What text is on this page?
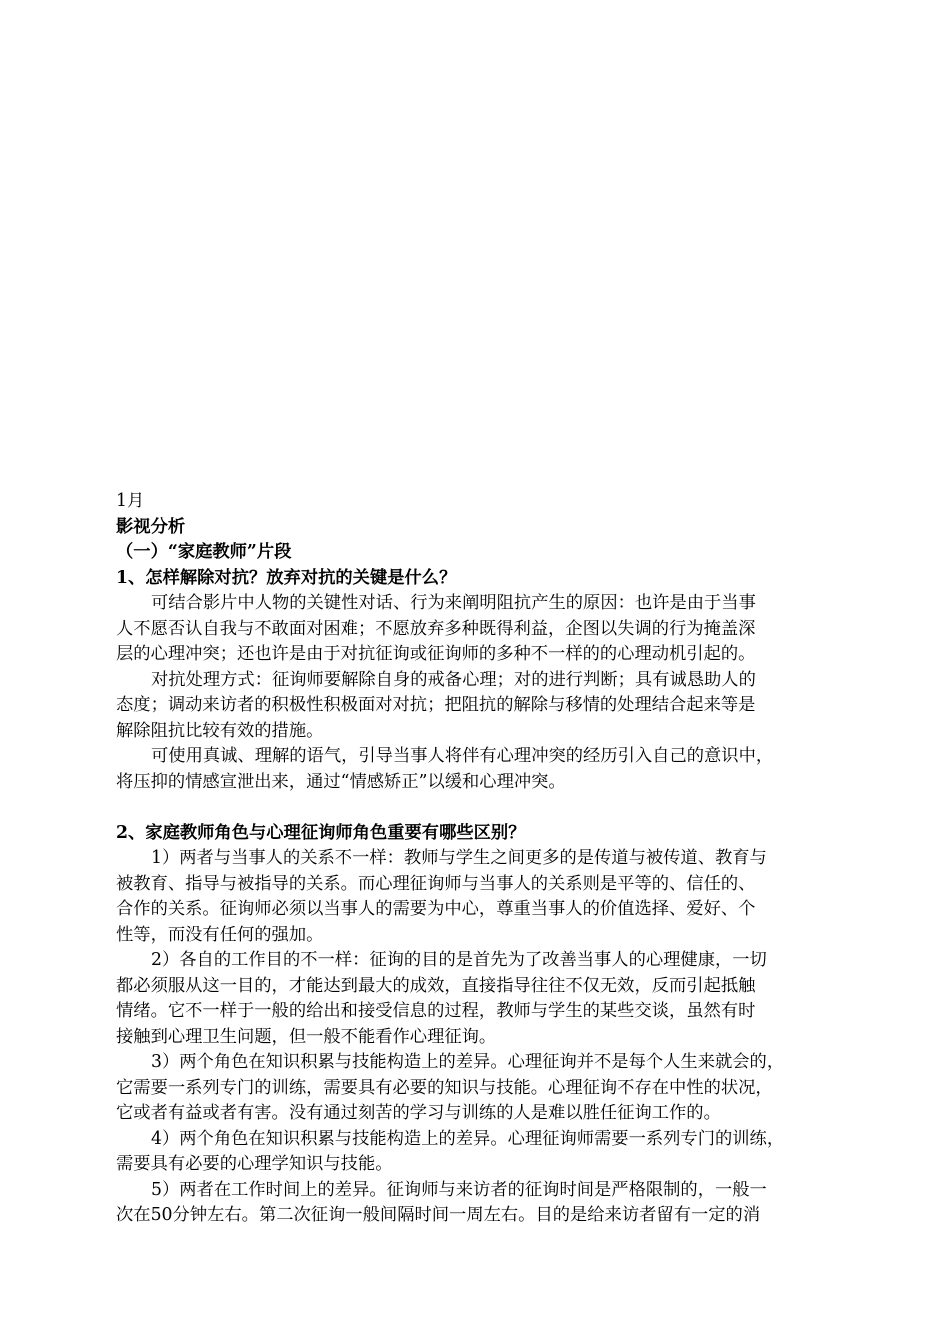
1月
影视分析
（一）“家庭教师”片段
1、怎样解除对抗？放弃对抗的关键是什么？
可结合影片中人物的关键性对话、行为来阐明阻抗产生的原因：也许是由于当事
人不愿否认自我与不敢面对困难；不愿放弃多种既得利益，企图以失调的行为掩盖深
层的心理冲突；还也许是由于对抗征询或征询师的多种不一样的的心理动机引起的。
对抗处理方式：征询师要解除自身的戒备心理；对的进行判断；具有诚恳助人的
态度；调动来访者的积极性积极面对对抗；把阻抗的解除与移情的处理结合起来等是
解除阻抗比较有效的措施。
可使用真诚、理解的语气，引导当事人将伴有心理冲突的经历引入自己的意识中，
将压抑的情感宣泄出来，通过“情感矫正”以缓和心理冲突。
2、家庭教师角色与心理征询师角色重要有哪些区别？
1）两者与当事人的关系不一样：教师与学生之间更多的是传道与被传道、教育与
被教育、指导与被指导的关系。而心理征询师与当事人的关系则是平等的、信任的、
合作的关系。征询师必须以当事人的需要为中心，尊重当事人的价值选择、爱好、个
性等，而没有任何的强加。
2）各自的工作目的不一样：征询的目的是首先为了改善当事人的心理健康，一切
都必须服从这一目的，才能达到最大的成效，直接指导往往不仅无效，反而引起抵触
情绪。它不一样于一般的给出和接受信息的过程，教师与学生的某些交谈，虽然有时
接触到心理卫生问题，但一般不能看作心理征询。
3）两个角色在知识积累与技能构造上的差异。心理征询并不是每个人生来就会的，
它需要一系列专门的训练，需要具有必要的知识与技能。心理征询不存在中性的状况，
它或者有益或者有害。没有通过刻苦的学习与训练的人是难以胜任征询工作的。
4）两个角色在知识积累与技能构造上的差异。心理征询师需要一系列专门的训练，
需要具有必要的心理学知识与技能。
5）两者在工作时间上的差异。征询师与来访者的征询时间是严格限制的，一般一
次在50分钟左右。第二次征询一般间隔时间一周左右。目的是给来访者留有一定的消
